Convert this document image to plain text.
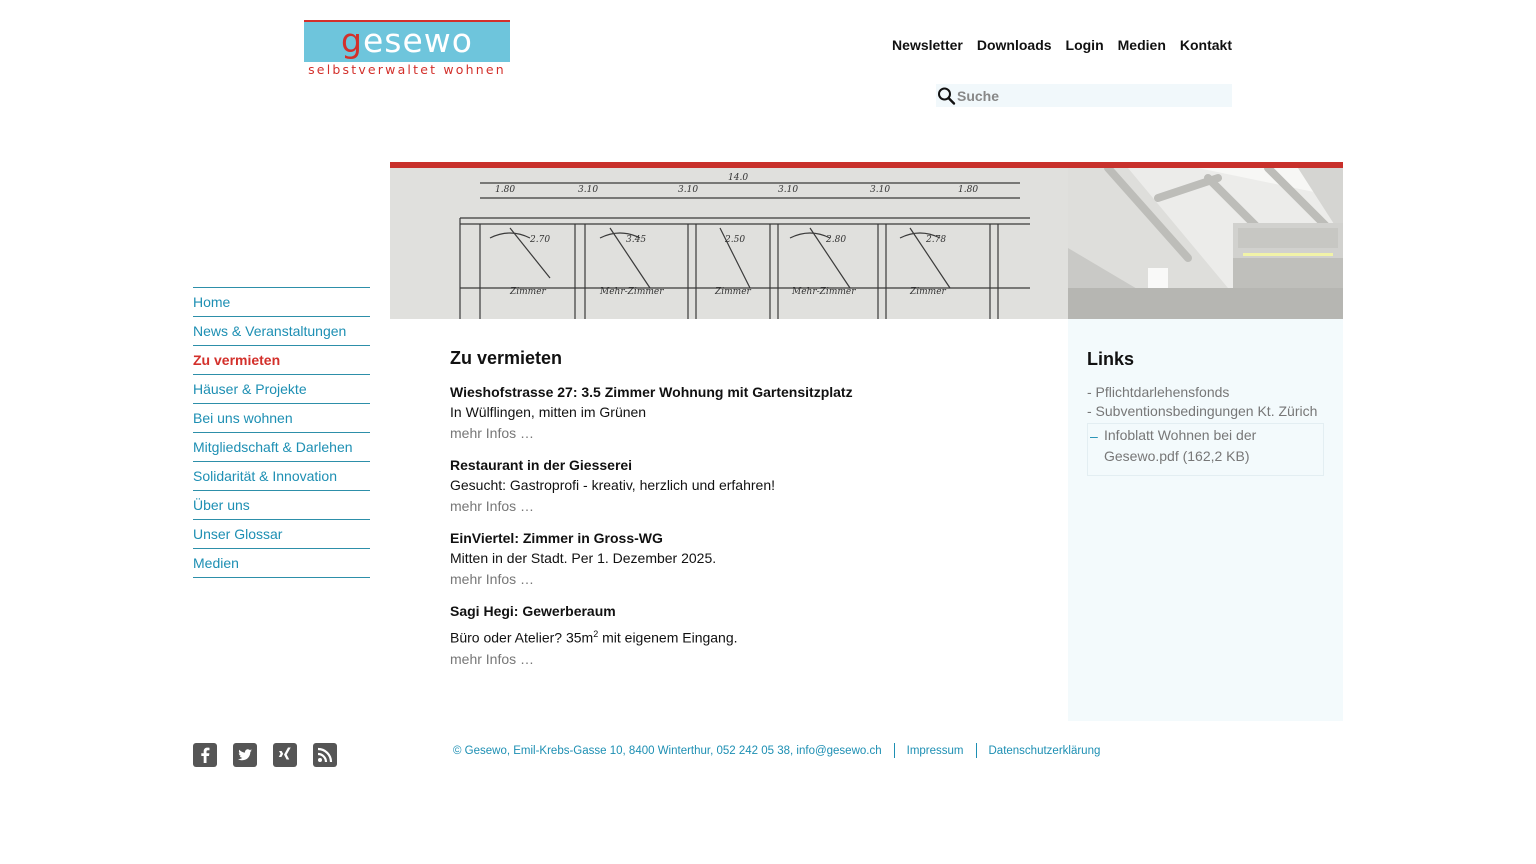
gesewo
selbstverwaltet wohnen
Newsletter Downloads Login Medien Kontakt
Suche
1.80	3.10	3.10
14.0
3.10	3.10	1.80
2.70	3.45	2.50	2.80	2.78
Zimmer	Mehr-Zimmer	Zimmer	Mehr-Zimmer	Zimmer
Home
News & Veranstaltungen
Zu vermieten
Häuser & Projekte
Bei uns wohnen
Mitgliedschaft & Darlehen
Solidarität & Innovation
Über uns
Unser Glossar
Medien
Zu vermieten
Wieshofstrasse 27: 3.5 Zimmer Wohnung mit Gartensitzplatz

In Wülflingen, mitten im Grünen

mehr Infos …
Restaurant in der Giesserei

Gesucht: Gastroprofi - kreativ, herzlich und erfahren!

mehr Infos …
EinViertel: Zimmer in Gross-WG

Mitten in der Stadt. Per 1. Dezember 2025.

mehr Infos …
Sagi Hegi: Gewerberaum

Büro oder Atelier? $35m^2$ mit eigenem Eingang.

mehr Infos …
Links
- Pflichtdarlehensfonds
- Subventionsbedingungen Kt. Zürich
– Infoblatt Wohnen bei der Gesewo.pdf (162,2 KB)
© Gesewo, Emil-Krebs-Gasse 10, 8400 Winterthur, 052 242 05 38, info@gesewo.ch Impressum Datenschutzerklärung
